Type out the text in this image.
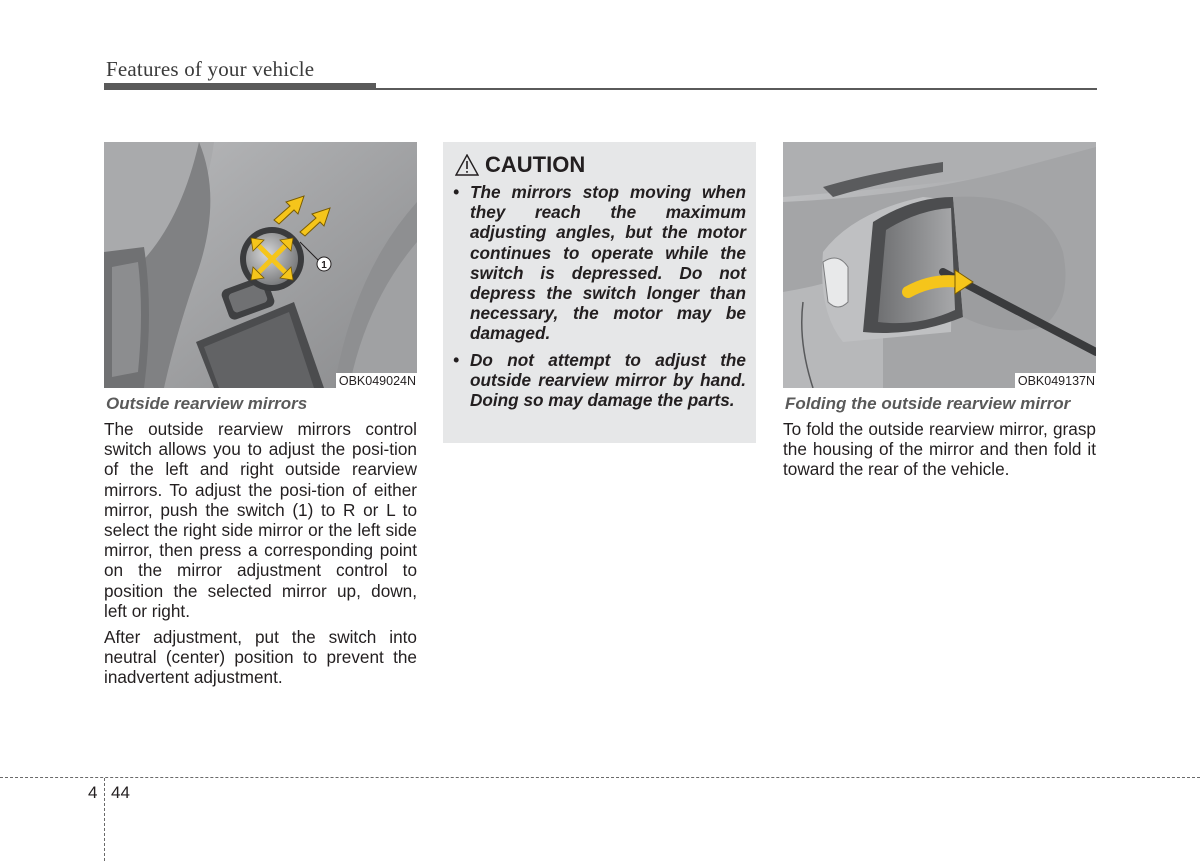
Features of your vehicle
1
OBK049024N
Outside rearview mirrors

The outside rearview mirrors control switch allows you to adjust the posi-tion of the left and right outside rearview mirrors. To adjust the posi-tion of either mirror, push the switch (1) to R or L to select the right side mirror or the left side mirror, then press a corresponding point on the mirror adjustment control to position the selected mirror up, down, left or right.

After adjustment, put the switch into neutral (center) position to prevent the inadvertent adjustment.

CAUTION
• The mirrors stop moving when they reach the maximum adjusting angles, but the motor continues to operate while the switch is depressed. Do not depress the switch longer than necessary, the motor may be damaged.
• Do not attempt to adjust the outside rearview mirror by hand. Doing so may damage the parts.
OBK049137N
Folding the outside rearview mirror

To fold the outside rearview mirror, grasp the housing of the mirror and then fold it toward the rear of the vehicle.

4 44
